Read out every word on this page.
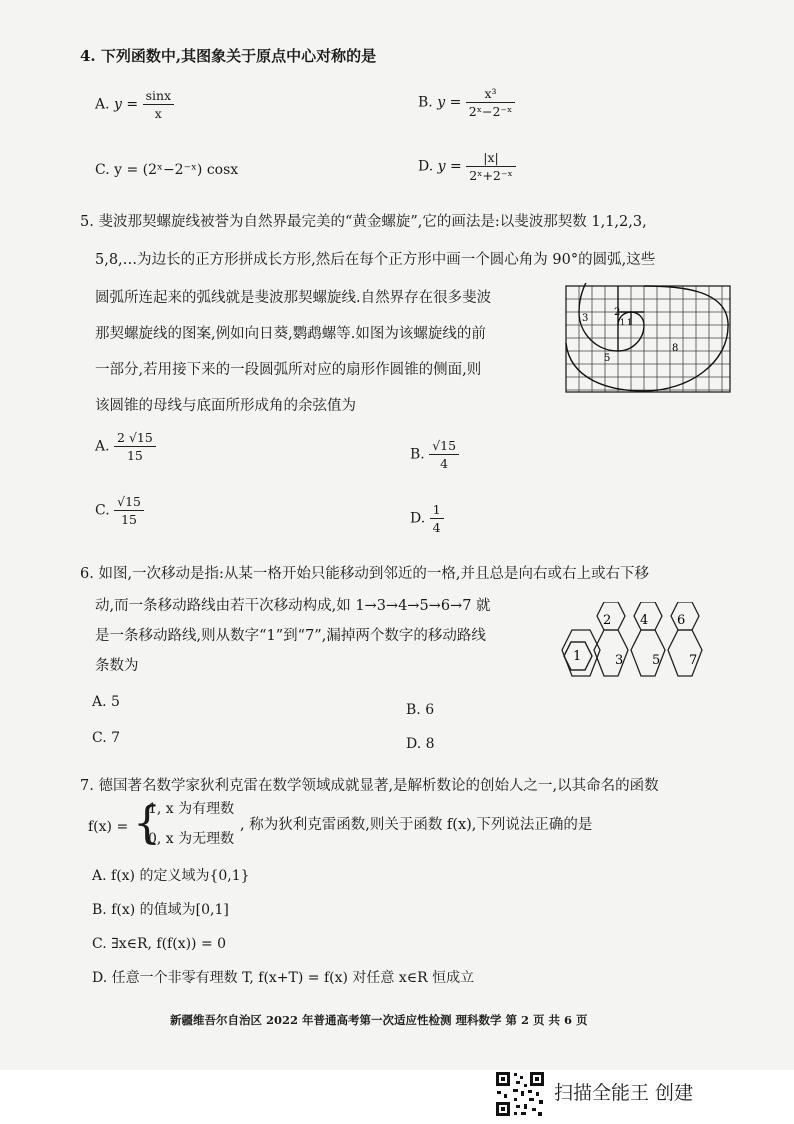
4. 下列函数中,其图象关于原点中心对称的是
A. $y = \frac{\sin x}{x}$	B. $y = \frac{\text{x³}}{\text{2ˣ−2⁻ˣ}}$
C. y = (2ˣ−2⁻ˣ) cosx	D. $y = \frac{|x|}{\text{2ˣ+2⁻ˣ}}$
5. 斐波那契螺旋线被誉为自然界最完美的“黄金螺旋”,它的画法是:以斐波那契数 1,1,2,3,
5,8,…为边长的正方形拼成长方形,然后在每个正方形中画一个圆心角为 90°的圆弧,这些
圆弧所连起来的弧线就是斐波那契螺旋线.自然界存在很多斐波
那契螺旋线的图案,例如向日葵,鹦鹉螺等.如图为该螺旋线的前
一部分,若用接下来的一段圆弧所对应的扇形作圆锥的侧面,则
该圆锥的母线与底面所形成角的余弦值为
3
2
1 1
5
8
A. $\frac{2 √15}{15}$	B. $\frac{√15}{4}$
C. $\frac{√15}{15}$	D. $\frac{1}{4}$
6. 如图,一次移动是指:从某一格开始只能移动到邻近的一格,并且总是向右或右上或右下移
动,而一条移动路线由若干次移动构成,如 1→3→4→5→6→7 就
是一条移动路线,则从数字“1”到“7”,漏掉两个数字的移动路线
条数为
2 4 6
1	3 5 7
A. 5	B. 6
C. 7	D. 8
7. 德国著名数学家狄利克雷在数学领域成就显著,是解析数论的创始人之一,以其命名的函数
f(x) = {
1, x 为有理数
0, x 为无理数
, 称为狄利克雷函数,则关于函数 f(x),下列说法正确的是
A. f(x) 的定义域为{0,1}
B. f(x) 的值域为[0,1]
C. ∃x∈R, f(f(x)) = 0
D. 任意一个非零有理数 T, f(x+T) = f(x) 对任意 x∈R 恒成立
新疆维吾尔自治区 2022 年普通高考第一次适应性检测 理科数学 第 2 页 共 6 页
扫描全能王 创建
